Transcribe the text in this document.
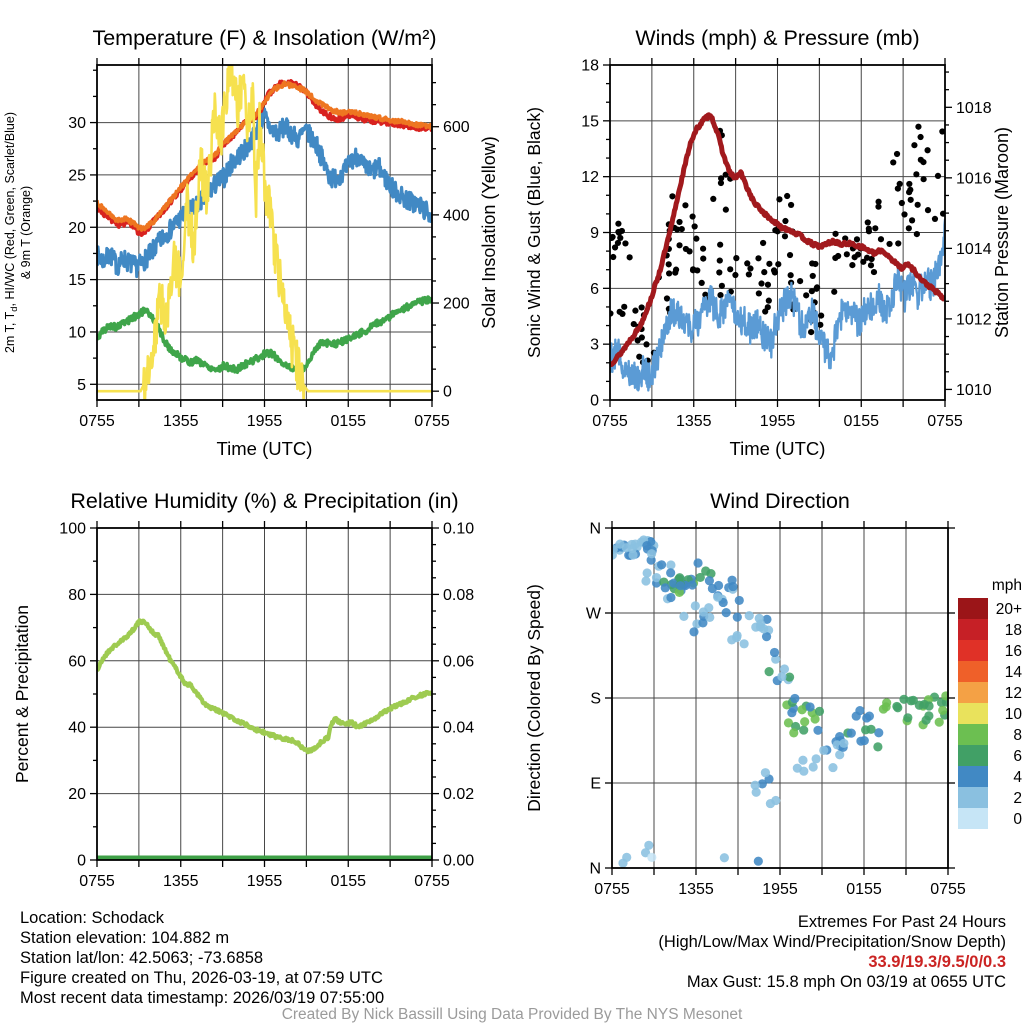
0755	1355	1955	0155	0755
5
10
15
20
25
30
0
200
400
600
Temperature (F) & Insolation (W/m²)
Time (UTC)
2m T, $T_d$, HI/WC (Red, Green, Scarlet/Blue) & 9m T (Orange)	Solar Insolation (Yellow)
0755	1355	1955	0155	0755
0
3
6
9
12
15
18
1010
1012
1014
1016
1018
Winds (mph) & Pressure (mb)
Time (UTC)
Sonic Wind & Gust (Blue, Black)	Station Pressure (Maroon)
0755	1355	1955	0155	0755
0
20
40
60
80
100
0.00
0.02
0.04
0.06
0.08
0.10
Relative Humidity (%) & Precipitation (in)
Percent & Precipitation
0755	1355	1955	0155	0755
N
W
S
E
N
Wind Direction
Direction (Colored By Speed)	mph
20+
18
16
14
12
10
8
6
4
2
0
Location: Schodack
Station elevation: 104.882 m
Station lat/lon: 42.5063; -73.6858
Figure created on Thu, 2026-03-19, at 07:59 UTC
Most recent data timestamp: 2026/03/19 07:55:00
Extremes For Past 24 Hours
(High/Low/Max Wind/Precipitation/Snow Depth)
33.9/19.3/9.5/0/0.3
Max Gust: 15.8 mph On 03/19 at 0655 UTC
Created By Nick Bassill Using Data Provided By The NYS Mesonet
